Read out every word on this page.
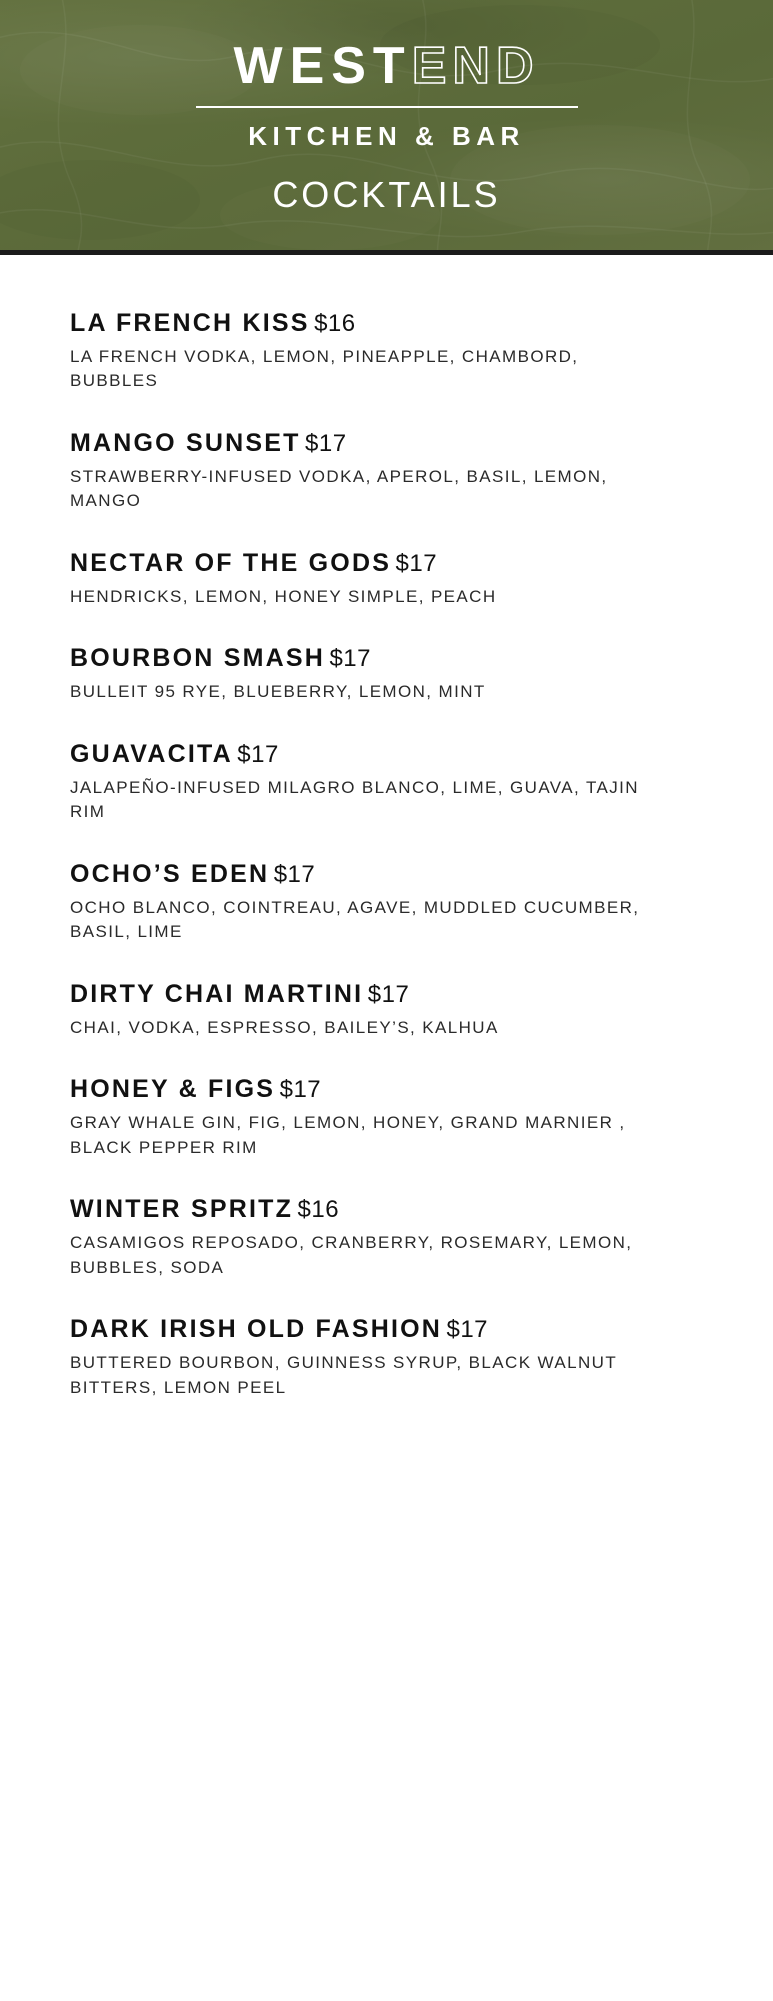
WESTEND
KITCHEN & BAR
COCKTAILS
LA FRENCH KISS $16
LA FRENCH VODKA, LEMON, PINEAPPLE, CHAMBORD, BUBBLES
MANGO SUNSET $17
STRAWBERRY-INFUSED VODKA, APEROL, BASIL, LEMON, MANGO
NECTAR OF THE GODS $17
HENDRICKS, LEMON, HONEY SIMPLE, PEACH
BOURBON SMASH $17
BULLEIT 95 RYE, BLUEBERRY, LEMON, MINT
GUAVACITA $17
JALAPEÑO-INFUSED MILAGRO BLANCO, LIME, GUAVA, TAJIN RIM
OCHO’S EDEN $17
OCHO BLANCO, COINTREAU, AGAVE, MUDDLED CUCUMBER, BASIL, LIME
DIRTY CHAI MARTINI $17
CHAI, VODKA, ESPRESSO, BAILEY’S, KALHUA
HONEY & FIGS $17
GRAY WHALE GIN, FIG, LEMON, HONEY, GRAND MARNIER , BLACK PEPPER RIM
WINTER SPRITZ $16
CASAMIGOS REPOSADO, CRANBERRY, ROSEMARY, LEMON, BUBBLES, SODA
DARK IRISH OLD FASHION $17
BUTTERED BOURBON, GUINNESS SYRUP, BLACK WALNUT BITTERS, LEMON PEEL
